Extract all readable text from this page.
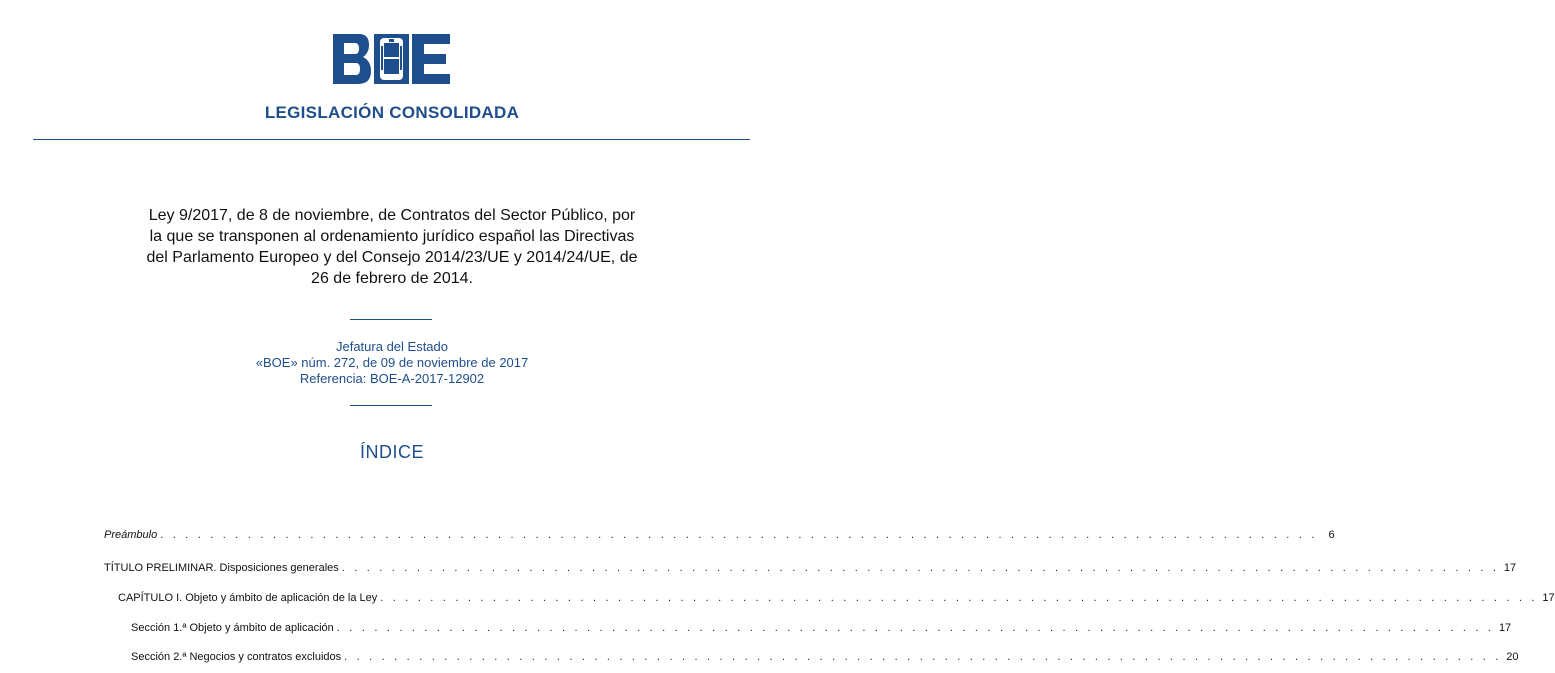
LEGISLACIÓN CONSOLIDADA
Ley 9/2017, de 8 de noviembre, de Contratos del Sector Público, por
la que se transponen al ordenamiento jurídico español las Directivas
del Parlamento Europeo y del Consejo 2014/23/UE y 2014/24/UE, de
26 de febrero de 2014.
Jefatura del Estado
«BOE» núm. 272, de 09 de noviembre de 2017
Referencia: BOE-A-2017-12902
ÍNDICE
Preámbulo . . . . . . . . . . . . . . . . . . . . . . . . . . . . . . . . . . . . . . . . . . . . . . . . . . . . . . . . . . . . . . . . . . . . . . . . . . . . . . . . . . . . . . . . . . . . . 6
TÍTULO PRELIMINAR. Disposiciones generales . . . . . . . . . . . . . . . . . . . . . . . . . . . . . . . . . . . . . . . . . . . . . . . . . . . . . . . . . . . . . . . . . . . . . . . . . . . . . . . . . . . . . . . . . . . . . 17
CAPÍTULO I. Objeto y ámbito de aplicación de la Ley . . . . . . . . . . . . . . . . . . . . . . . . . . . . . . . . . . . . . . . . . . . . . . . . . . . . . . . . . . . . . . . . . . . . . . . . . . . . . . . . . . . . . . . . . . . . . 17
Sección 1.ª Objeto y ámbito de aplicación . . . . . . . . . . . . . . . . . . . . . . . . . . . . . . . . . . . . . . . . . . . . . . . . . . . . . . . . . . . . . . . . . . . . . . . . . . . . . . . . . . . . . . . . . . . . . 17
Sección 2.ª Negocios y contratos excluidos . . . . . . . . . . . . . . . . . . . . . . . . . . . . . . . . . . . . . . . . . . . . . . . . . . . . . . . . . . . . . . . . . . . . . . . . . . . . . . . . . . . . . . . . . . . . . 20
